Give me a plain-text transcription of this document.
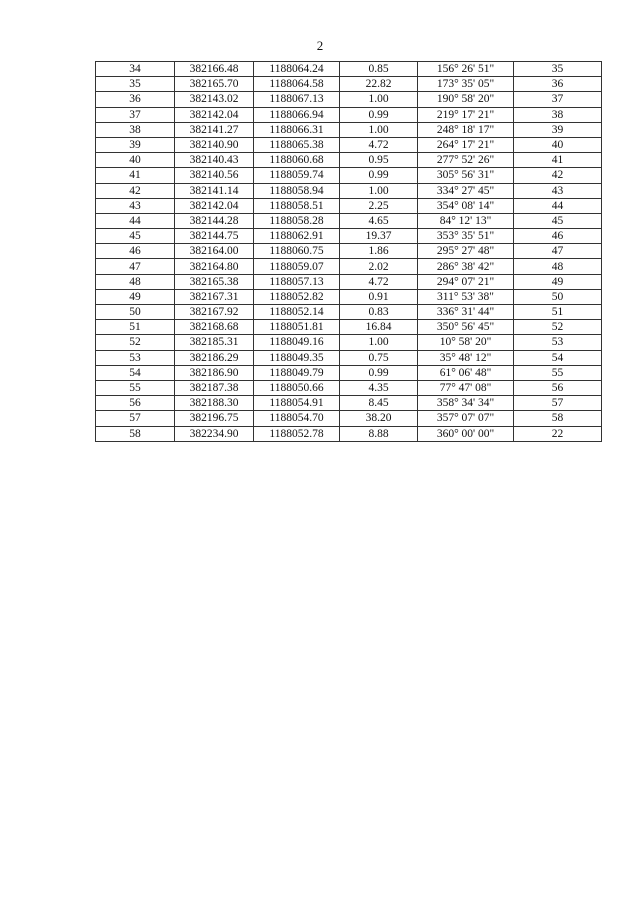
2
34	382166.48	1188064.24	0.85	156° 26' 51"	35
35	382165.70	1188064.58	22.82	173° 35' 05"	36
36	382143.02	1188067.13	1.00	190° 58' 20"	37
37	382142.04	1188066.94	0.99	219° 17' 21"	38
38	382141.27	1188066.31	1.00	248° 18' 17"	39
39	382140.90	1188065.38	4.72	264° 17' 21"	40
40	382140.43	1188060.68	0.95	277° 52' 26"	41
41	382140.56	1188059.74	0.99	305° 56' 31"	42
42	382141.14	1188058.94	1.00	334° 27' 45"	43
43	382142.04	1188058.51	2.25	354° 08' 14"	44
44	382144.28	1188058.28	4.65	84° 12' 13"	45
45	382144.75	1188062.91	19.37	353° 35' 51"	46
46	382164.00	1188060.75	1.86	295° 27' 48"	47
47	382164.80	1188059.07	2.02	286° 38' 42"	48
48	382165.38	1188057.13	4.72	294° 07' 21"	49
49	382167.31	1188052.82	0.91	311° 53' 38"	50
50	382167.92	1188052.14	0.83	336° 31' 44"	51
51	382168.68	1188051.81	16.84	350° 56' 45"	52
52	382185.31	1188049.16	1.00	10° 58' 20"	53
53	382186.29	1188049.35	0.75	35° 48' 12"	54
54	382186.90	1188049.79	0.99	61° 06' 48"	55
55	382187.38	1188050.66	4.35	77° 47' 08"	56
56	382188.30	1188054.91	8.45	358° 34' 34"	57
57	382196.75	1188054.70	38.20	357° 07' 07"	58
58	382234.90	1188052.78	8.88	360° 00' 00"	22
